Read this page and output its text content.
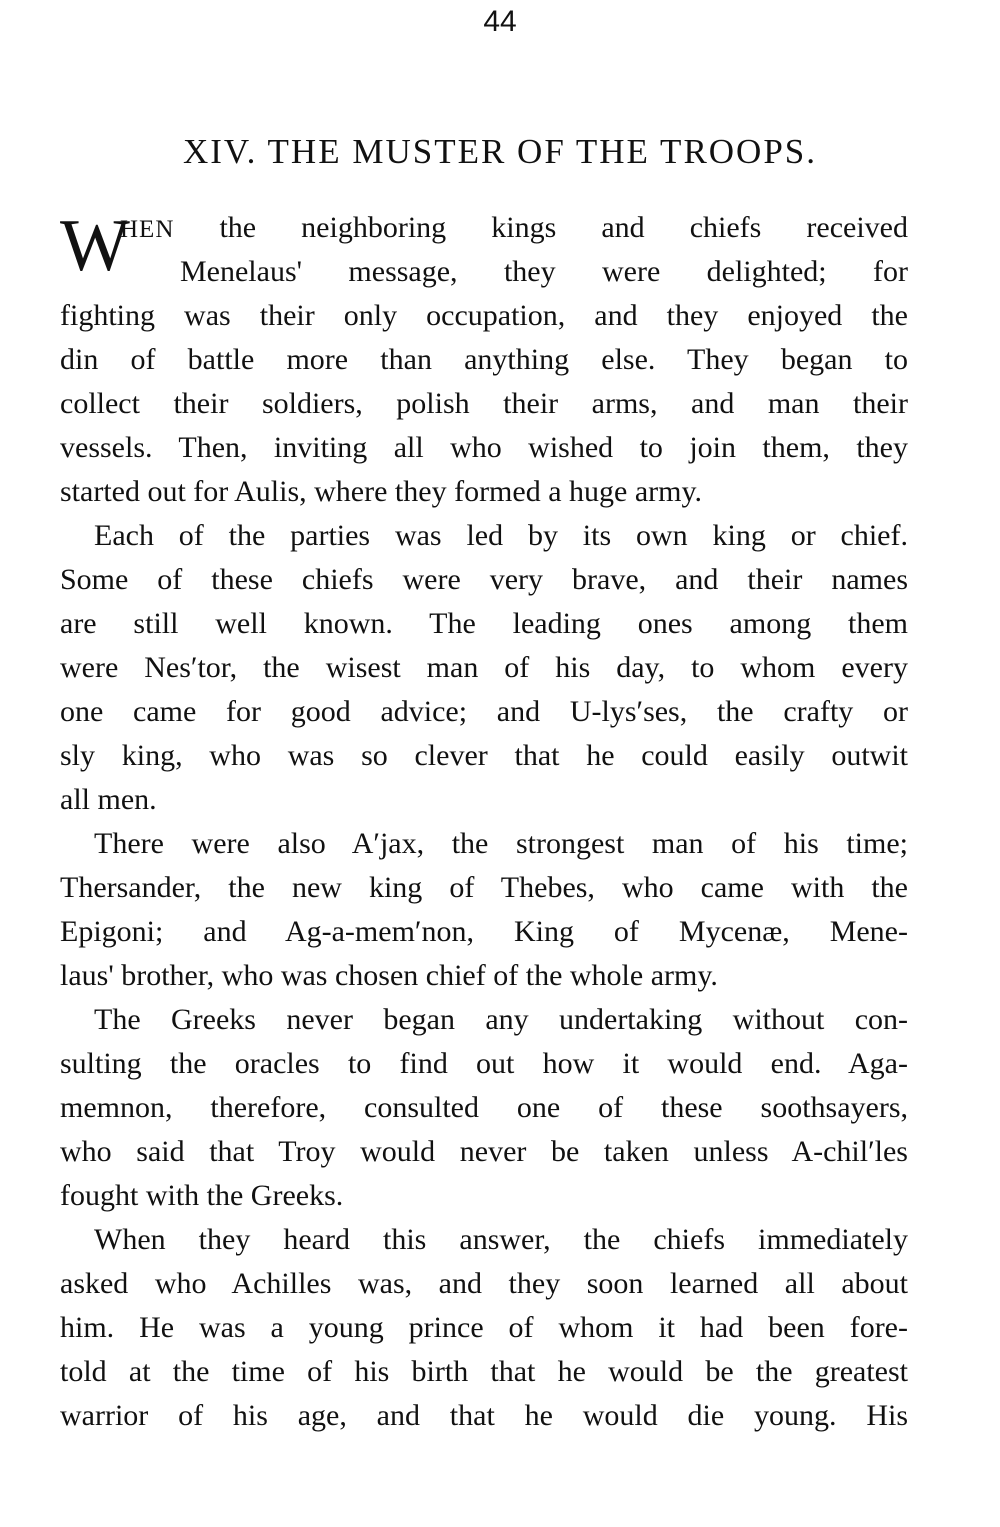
44
XIV. THE MUSTER OF THE TROOPS.
W
HEN the neighboring kings and chiefs received
Menelaus' message, they were delighted; for
fighting was their only occupation, and they enjoyed the
din of battle more than anything else. They began to
collect their soldiers, polish their arms, and man their
vessels. Then, inviting all who wished to join them, they
started out for Aulis, where they formed a huge army.
Each of the parties was led by its own king or chief.
Some of these chiefs were very brave, and their names
are still well known. The leading ones among them
were Nes′tor, the wisest man of his day, to whom every
one came for good advice; and U-lys′ses, the crafty or
sly king, who was so clever that he could easily outwit
all men.
There were also A′jax, the strongest man of his time;
Thersander, the new king of Thebes, who came with the
Epigoni; and Ag-a-mem′non, King of Mycenæ, Mene-
laus' brother, who was chosen chief of the whole army.
The Greeks never began any undertaking without con-
sulting the oracles to find out how it would end. Aga-
memnon, therefore, consulted one of these soothsayers,
who said that Troy would never be taken unless A-chil′les
fought with the Greeks.
When they heard this answer, the chiefs immediately
asked who Achilles was, and they soon learned all about
him. He was a young prince of whom it had been fore-
told at the time of his birth that he would be the greatest
warrior of his age, and that he would die young. His
